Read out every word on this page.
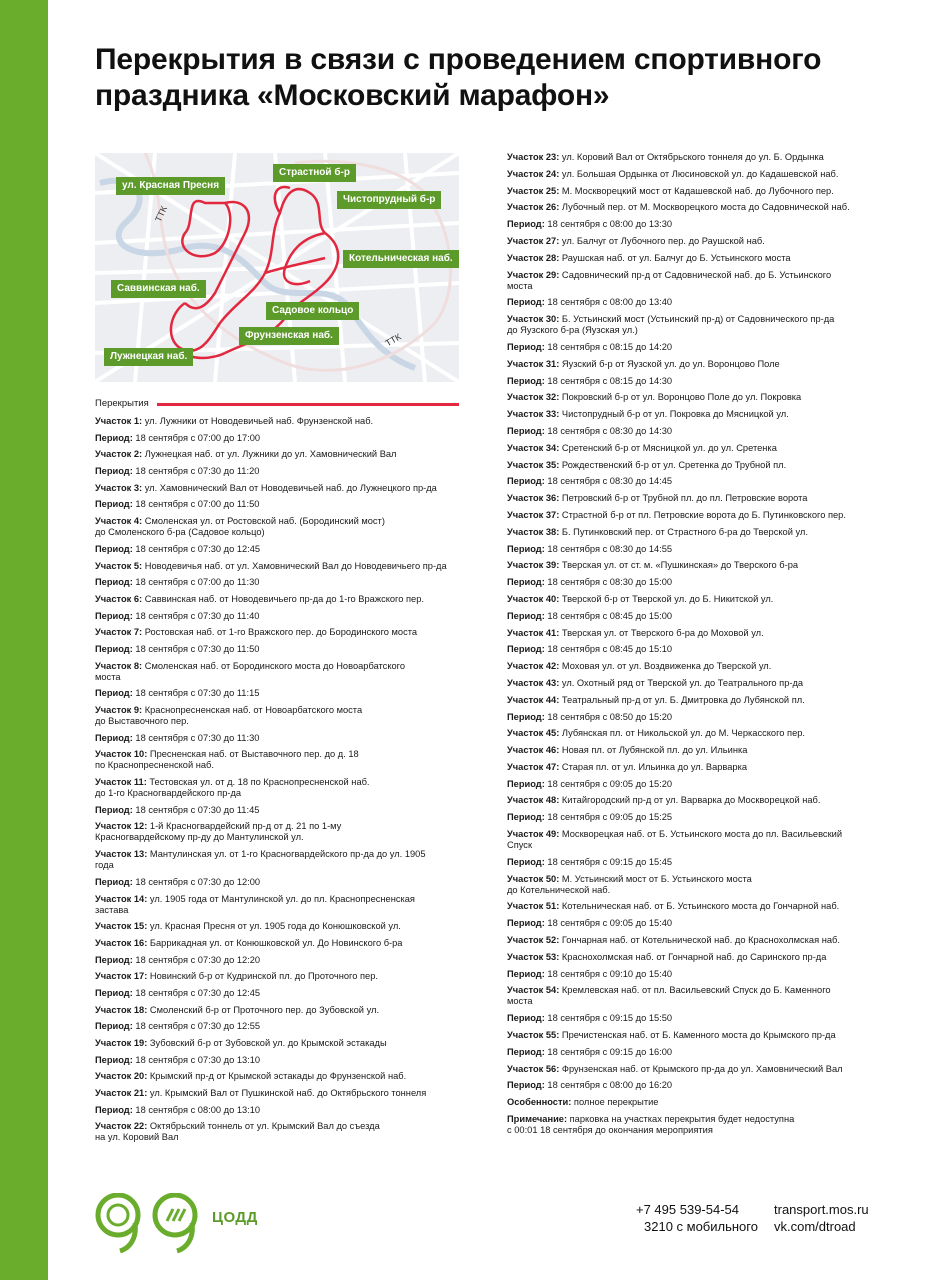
Перекрытия в связи с проведением спортивного
праздника «Московский марафон»
ул. Красная Пресня
Страстной б-р
Чистопрудный б-р
Котельническая наб.
Саввинская наб.
Садовое кольцо
Фрунзенская наб.
Лужнецкая наб.
ТТК
ТТК
Перекрытия
Участок 1: ул. Лужники от Новодевичьей наб. Фрунзенской наб.
Период: 18 сентября с 07:00 до 17:00
Участок 2: Лужнецкая наб. от ул. Лужники до ул. Хамовнический Вал
Период: 18 сентября с 07:30 до 11:20
Участок 3: ул. Хамовнический Вал от Новодевичьей наб. до Лужнецкого пр-да
Период: 18 сентября с 07:00 до 11:50
Участок 4: Смоленская ул. от Ростовской наб. (Бородинский мост)
до Смоленского б-ра (Садовое кольцо)
Период: 18 сентября с 07:30 до 12:45
Участок 5: Новодевичья наб. от ул. Хамовнический Вал до Новодевичьего пр-да
Период: 18 сентября с 07:00 до 11:30
Участок 6: Саввинская наб. от Новодевичьего пр-да до 1-го Вражского пер.
Период: 18 сентября с 07:30 до 11:40
Участок 7: Ростовская наб. от 1-го Вражского пер. до Бородинского моста
Период: 18 сентября с 07:30 до 11:50
Участок 8: Смоленская наб. от Бородинского моста до Новоарбатского
моста
Период: 18 сентября с 07:30 до 11:15
Участок 9: Краснопресненская наб. от Новоарбатского моста
до Выставочного пер.
Период: 18 сентября с 07:30 до 11:30
Участок 10: Пресненская наб. от Выставочного пер. до д. 18
по Краснопресненской наб.
Участок 11: Тестовская ул. от д. 18 по Краснопресненской наб.
до 1-го Красногвардейского пр-да
Период: 18 сентября с 07:30 до 11:45
Участок 12: 1-й Красногвардейский пр-д от д. 21 по 1-му
Красногвардейскому пр-ду до Мантулинской ул.
Участок 13: Мантулинская ул. от 1-го Красногвардейского пр-да до ул. 1905
года
Период: 18 сентября с 07:30 до 12:00
Участок 14: ул. 1905 года от Мантулинской ул. до пл. Краснопресненская
застава
Участок 15: ул. Красная Пресня от ул. 1905 года до Конюшковской ул.
Участок 16: Баррикадная ул. от Конюшковской ул. До Новинского б-ра
Период: 18 сентября с 07:30 до 12:20
Участок 17: Новинский б-р от Кудринской пл. до Проточного пер.
Период: 18 сентября с 07:30 до 12:45
Участок 18: Смоленский б-р от Проточного пер. до Зубовской ул.
Период: 18 сентября с 07:30 до 12:55
Участок 19: Зубовский б-р от Зубовской ул. до Крымской эстакады
Период: 18 сентября с 07:30 до 13:10
Участок 20: Крымский пр-д от Крымской эстакады до Фрунзенской наб.
Участок 21: ул. Крымский Вал от Пушкинской наб. до Октябрьского тоннеля
Период: 18 сентября с 08:00 до 13:10
Участок 22: Октябрьский тоннель от ул. Крымский Вал до съезда
на ул. Коровий Вал
Участок 23: ул. Коровий Вал от Октябрьского тоннеля до ул. Б. Ордынка
Участок 24: ул. Большая Ордынка от Люсиновской ул. до Кадашевской наб.
Участок 25: М. Москворецкий мост от Кадашевской наб. до Лубочного пер.
Участок 26: Лубочный пер. от М. Москворецкого моста до Садовнической наб.
Период: 18 сентября с 08:00 до 13:30
Участок 27: ул. Балчуг от Лубочного пер. до Раушской наб.
Участок 28: Раушская наб. от ул. Балчуг до Б. Устьинского моста
Участок 29: Садовнический пр-д от Садовнической наб. до Б. Устьинского
моста
Период: 18 сентября с 08:00 до 13:40
Участок 30: Б. Устьинский мост (Устьинский пр-д) от Садовнического пр-да
до Яузского б-ра (Яузская ул.)
Период: 18 сентября с 08:15 до 14:20
Участок 31: Яузский б-р от Яузской ул. до ул. Воронцово Поле
Период: 18 сентября с 08:15 до 14:30
Участок 32: Покровский б-р от ул. Воронцово Поле до ул. Покровка
Участок 33: Чистопрудный б-р от ул. Покровка до Мясницкой ул.
Период: 18 сентября с 08:30 до 14:30
Участок 34: Сретенский б-р от Мясницкой ул. до ул. Сретенка
Участок 35: Рождественский б-р от ул. Сретенка до Трубной пл.
Период: 18 сентября с 08:30 до 14:45
Участок 36: Петровский б-р от Трубной пл. до пл. Петровские ворота
Участок 37: Страстной б-р от пл. Петровские ворота до Б. Путинковского пер.
Участок 38: Б. Путинковский пер. от Страстного б-ра до Тверской ул.
Период: 18 сентября с 08:30 до 14:55
Участок 39: Тверская ул. от ст. м. «Пушкинская» до Тверского б-ра
Период: 18 сентября с 08:30 до 15:00
Участок 40: Тверской б-р от Тверской ул. до Б. Никитской ул.
Период: 18 сентября с 08:45 до 15:00
Участок 41: Тверская ул. от Тверского б-ра до Моховой ул.
Период: 18 сентября с 08:45 до 15:10
Участок 42: Моховая ул. от ул. Воздвиженка до Тверской ул.
Участок 43: ул. Охотный ряд от Тверской ул. до Театрального пр-да
Участок 44: Театральный пр-д от ул. Б. Дмитровка до Лубянской пл.
Период: 18 сентября с 08:50 до 15:20
Участок 45: Лубянская пл. от Никольской ул. до М. Черкасского пер.
Участок 46: Новая пл. от Лубянской пл. до ул. Ильинка
Участок 47: Старая пл. от ул. Ильинка до ул. Варварка
Период: 18 сентября с 09:05 до 15:20
Участок 48: Китайгородский пр-д от ул. Варварка до Москворецкой наб.
Период: 18 сентября с 09:05 до 15:25
Участок 49: Москворецкая наб. от Б. Устьинского моста до пл. Васильевский
Спуск
Период: 18 сентября с 09:15 до 15:45
Участок 50: М. Устьинский мост от Б. Устьинского моста
до Котельнической наб.
Участок 51: Котельническая наб. от Б. Устьинского моста до Гончарной наб.
Период: 18 сентября с 09:05 до 15:40
Участок 52: Гончарная наб. от Котельнической наб. до Краснохолмская наб.
Участок 53: Краснохолмская наб. от Гончарной наб. до Саринского пр-да
Период: 18 сентября с 09:10 до 15:40
Участок 54: Кремлевская наб. от пл. Васильевский Спуск до Б. Каменного
моста
Период: 18 сентября с 09:15 до 15:50
Участок 55: Пречистенская наб. от Б. Каменного моста до Крымского пр-да
Период: 18 сентября с 09:15 до 16:00
Участок 56: Фрунзенская наб. от Крымского пр-да до ул. Хамовнический Вал
Период: 18 сентября с 08:00 до 16:20
Особенности: полное перекрытие
Примечание: парковка на участках перекрытия будет недоступна
с 00:01 18 сентября до окончания мероприятия
ЦОДД	+7 495 539-54-54
3210 с мобильного
transport.mos.ru
vk.com/dtroad
